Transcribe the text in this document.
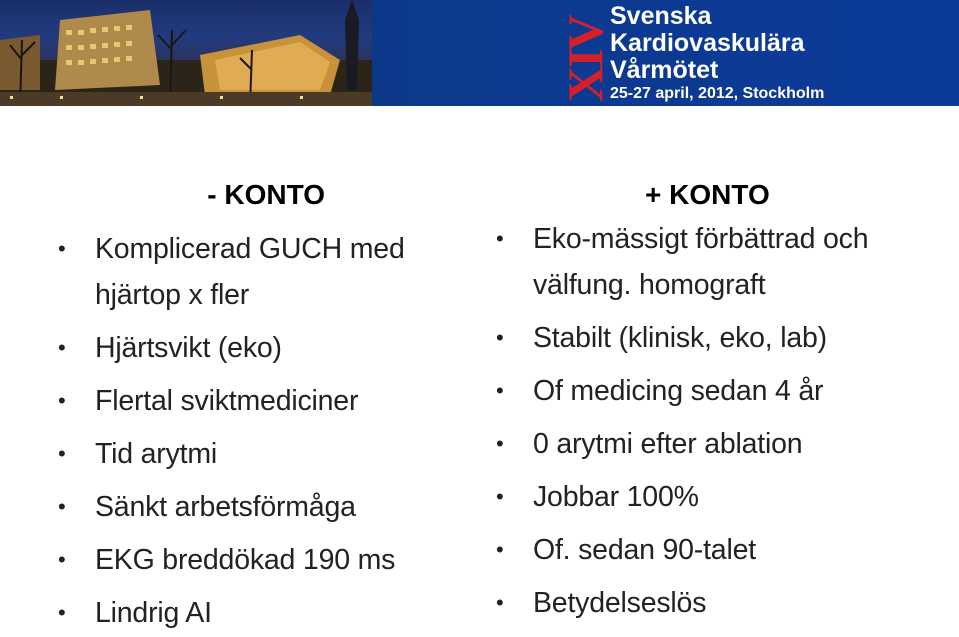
XIV
Svenska
Kardiovaskulära
Vårmötet
25-27 april, 2012, Stockholm
- KONTO
• Komplicerad GUCH med hjärtop x fler
• Hjärtsvikt (eko)
• Flertal sviktmediciner
• Tid arytmi
• Sänkt arbetsförmåga
• EKG breddökad 190 ms
• Lindrig AI
+ KONTO
• Eko-mässigt förbättrad och välfung. homograft
• Stabilt (klinisk, eko, lab)
• Of medicing sedan 4 år
• 0 arytmi efter ablation
• Jobbar 100%
• Of. sedan 90-talet
• Betydelseslös
